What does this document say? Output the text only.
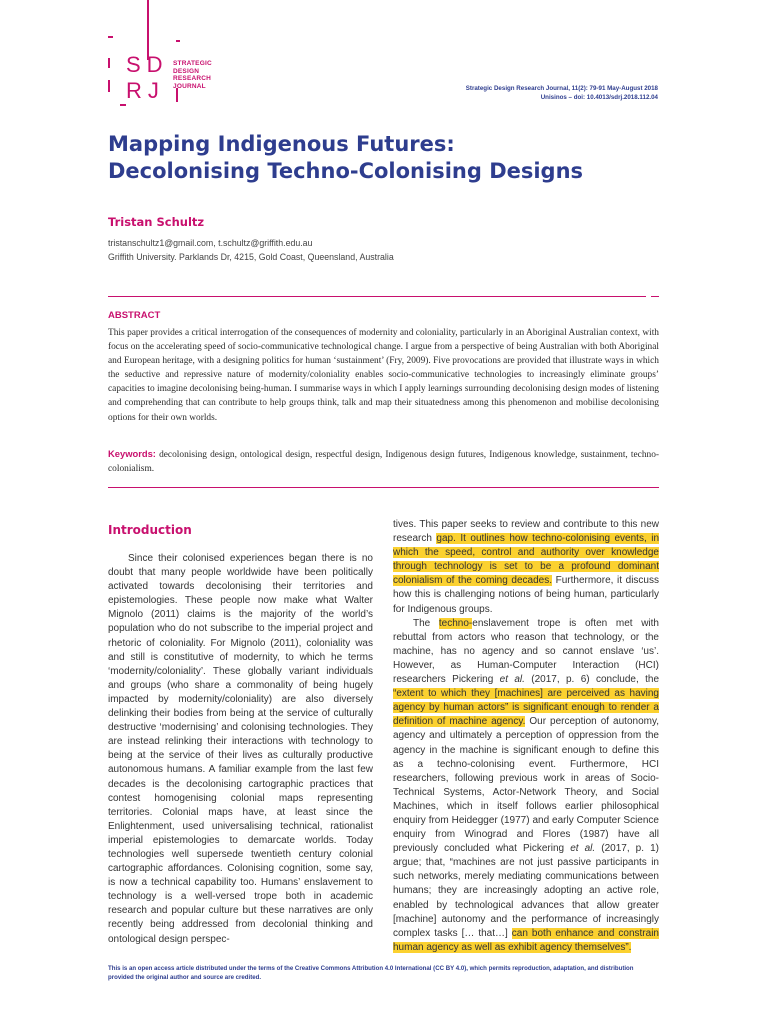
SD
RJ
STRATEGIC
DESIGN
RESEARCH
JOURNAL	Strategic Design Research Journal, 11(2): 79-91 May-August 2018
Unisinos – doi: 10.4013/sdrj.2018.112.04
Mapping Indigenous Futures:
Decolonising Techno-Colonising Designs
Tristan Schultz
tristanschultz1@gmail.com, t.schultz@griffith.edu.au
Griffith University. Parklands Dr, 4215, Gold Coast, Queensland, Australia
ABSTRACT
This paper provides a critical interrogation of the consequences of modernity and coloniality, particularly in an Aboriginal Australian context, with focus on the accelerating speed of socio-communicative technological change. I argue from a perspective of being Australian with both Aboriginal and European heritage, with a designing politics for human ‘sustainment’ (Fry, 2009). Five provocations are provided that illustrate ways in which the seductive and repressive nature of modernity/coloniality enables socio-communicative technologies to increasingly eliminate groups’ capacities to imagine decolonising being-human. I summarise ways in which I apply learnings surrounding decolonising design modes of listening and comprehending that can contribute to help groups think, talk and map their situatedness among this phenomenon and mobilise decolonising options for their own worlds.
Keywords: decolonising design, ontological design, respectful design, Indigenous design futures, Indigenous knowledge, sustainment, techno-colonialism.
Introduction
Since their colonised experiences began there is no doubt that many people worldwide have been politically activated towards decolonising their territories and epistemologies. These people now make what Walter Mignolo (2011) claims is the majority of the world’s population who do not subscribe to the imperial project and rhetoric of coloniality. For Mignolo (2011), coloniality was and still is constitutive of modernity, to which he terms ‘modernity/coloniality’. These globally variant individuals and groups (who share a commonality of being hugely impacted by modernity/coloniality) are also diversely delinking their bodies from being at the service of culturally destructive ‘modernising’ and colonising technologies. They are instead relinking their interactions with technology to being at the service of their lives as culturally productive autonomous humans. A familiar example from the last few decades is the decolonising cartographic practices that contest homogenising colonial maps representing territories. Colonial maps have, at least since the Enlightenment, used universalising technical, rationalist imperial epistemologies to demarcate worlds. Today technologies well supersede twentieth century colonial cartographic affordances. Colonising cognition, some say, is now a technical capability too. Humans’ enslavement to technology is a well-versed trope both in academic research and popular culture but these narratives are only recently being addressed from decolonial thinking and ontological design perspec-

tives. This paper seeks to review and contribute to this new research gap. It outlines how techno-colonising events, in which the speed, control and authority over knowledge through technology is set to be a profound dominant colonialism of the coming decades. Furthermore, it discuss how this is challenging notions of being human, particularly for Indigenous groups.

The techno-enslavement trope is often met with rebuttal from actors who reason that technology, or the machine, has no agency and so cannot enslave ‘us’. However, as Human-Computer Interaction (HCI) researchers Pickering et al. (2017, p. 6) conclude, the “extent to which they [machines] are perceived as having agency by human actors” is significant enough to render a definition of machine agency. Our perception of autonomy, agency and ultimately a perception of oppression from the agency in the machine is significant enough to define this as a techno-colonising event. Furthermore, HCI researchers, following previous work in areas of Socio-Technical Systems, Actor-Network Theory, and Social Machines, which in itself follows earlier philosophical enquiry from Heidegger (1977) and early Computer Science enquiry from Winograd and Flores (1987) have all previously concluded what Pickering et al. (2017, p. 1) argue; that, “machines are not just passive participants in such networks, merely mediating communications between humans; they are increasingly adopting an active role, enabled by technological advances that allow greater [machine] autonomy and the performance of increasingly complex tasks [… that…] can both enhance and constrain human agency as well as exhibit agency themselves”.

This is an open access article distributed under the terms of the Creative Commons Attribution 4.0 International (CC BY 4.0), which permits reproduction, adaptation, and distribution provided the original author and source are credited.
